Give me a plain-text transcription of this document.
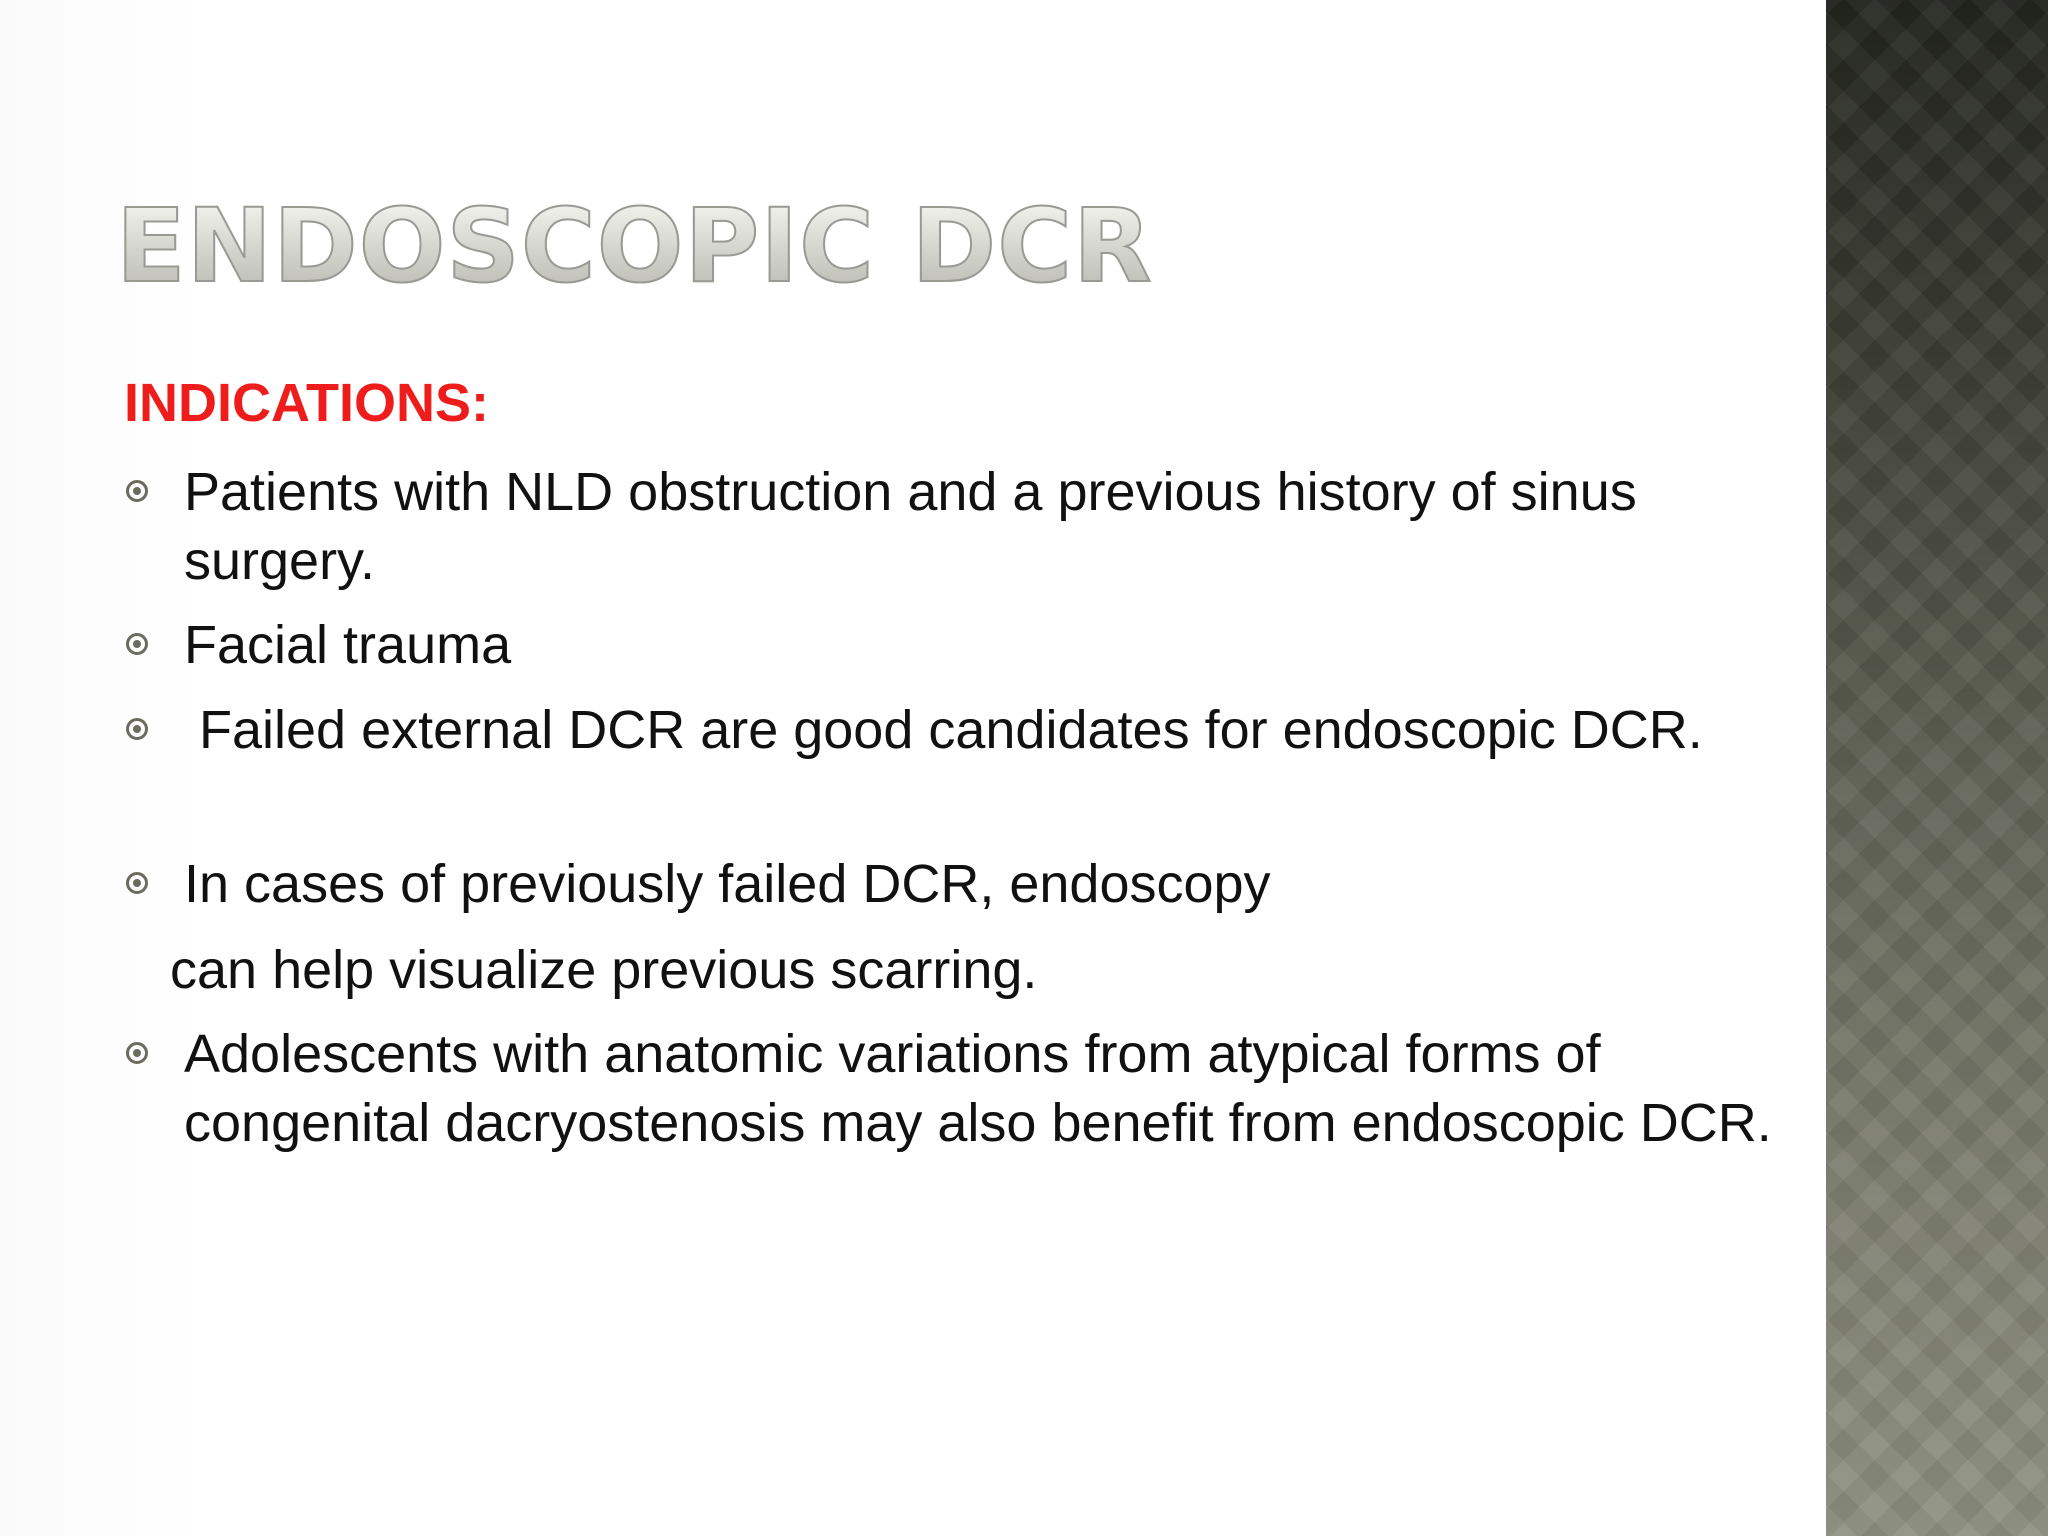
ENDOSCOPIC DCR
INDICATIONS:

Patients with NLD obstruction and a previous history of sinus surgery.

Facial trauma

Failed external DCR are good candidates for endoscopic DCR.

In cases of previously failed DCR, endoscopy

can help visualize previous scarring.

Adolescents with anatomic variations from atypical forms of congenital dacryostenosis may also benefit from endoscopic DCR.
